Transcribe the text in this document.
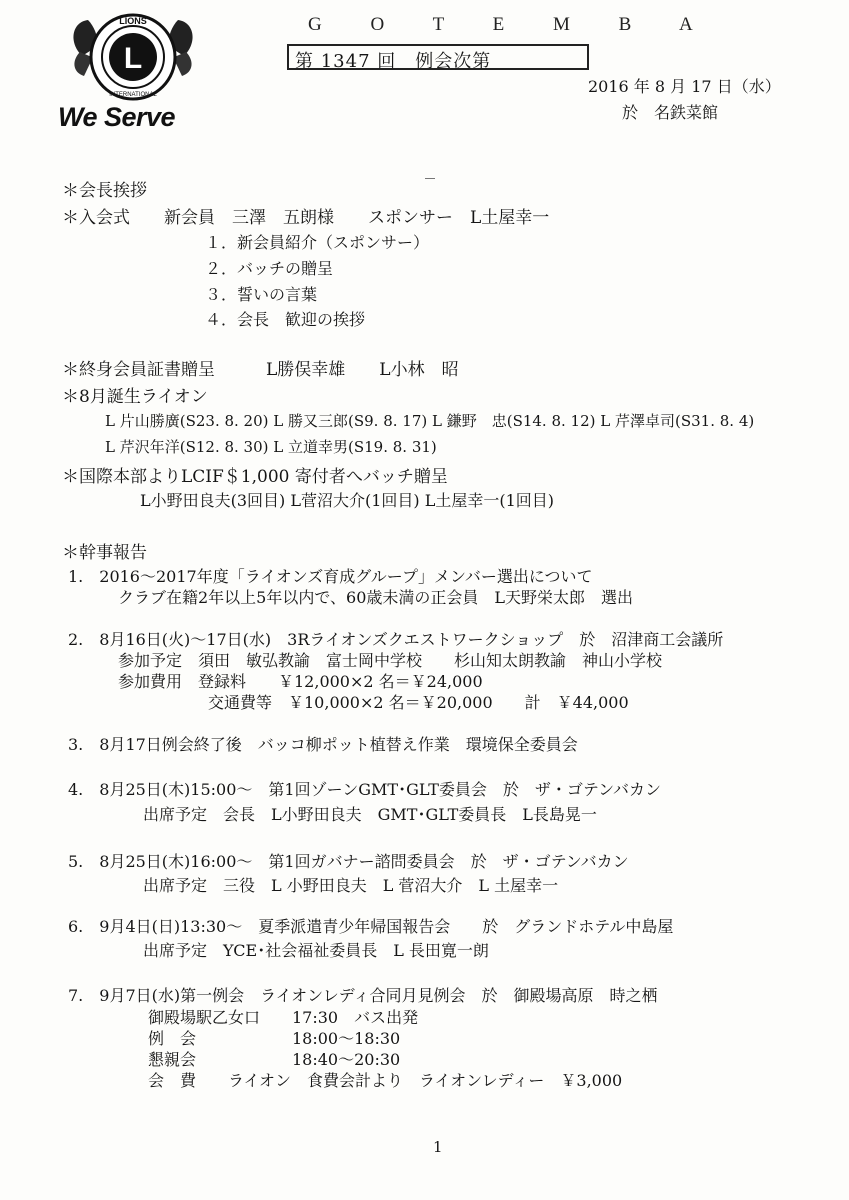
L
LIONS
INTERNATIONAL
We Serve
G O T E M B A
第 1347 回　例会次第
2016 年 8 月 17 日（水）
於　名鉄菜館
＊会長挨拶
＊入会式　　新会員　三澤　五朗様　　スポンサー　L土屋幸一
１．新会員紹介（スポンサー）
２．バッチの贈呈
３．誓いの言葉
４．会長　歓迎の挨拶
＊終身会員証書贈呈　　　L勝俣幸雄　　L小林　昭
＊8月誕生ライオン
L 片山勝廣(S23. 8. 20) L 勝又三郎(S9. 8. 17) L 鎌野　忠(S14. 8. 12) L 芹澤卓司(S31. 8. 4)
L 芹沢年洋(S12. 8. 30) L 立道幸男(S19. 8. 31)
＊国際本部よりLCIF＄1,000 寄付者へバッチ贈呈
L小野田良夫(3回目) L菅沼大介(1回目) L土屋幸一(1回目)
＊幹事報告
1.　2016～2017年度「ライオンズ育成グループ」メンバー選出について
クラブ在籍2年以上5年以内で、60歳未満の正会員　L天野栄太郎　選出
2.　8月16日(火)～17日(水)　3Rライオンズクエストワークショップ　於　沼津商工会議所
参加予定　須田　敏弘教諭　富士岡中学校　　杉山知太朗教諭　神山小学校
参加費用　登録料　　￥12,000×2 名＝￥24,000
交通費等　￥10,000×2 名＝￥20,000　　計　￥44,000
3.　8月17日例会終了後　バッコ柳ポット植替え作業　環境保全委員会
4.　8月25日(木)15:00～　第1回ゾーンGMT･GLT委員会　於　ザ・ゴテンバカン
出席予定　会長　L小野田良夫　GMT･GLT委員長　L長島晃一
5.　8月25日(木)16:00～　第1回ガバナー諮問委員会　於　ザ・ゴテンバカン
出席予定　三役　L 小野田良夫　L 菅沼大介　L 土屋幸一
6.　9月4日(日)13:30～　夏季派遣青少年帰国報告会　　於　グランドホテル中島屋
出席予定　YCE･社会福祉委員長　L 長田寛一朗
7.　9月7日(水)第一例会　ライオンレディ合同月見例会　於　御殿場高原　時之栖
御殿場駅乙女口　　17:30　バス出発
例　会　　　　　　18:00～18:30
懇親会　　　　　　18:40～20:30
会　費　　ライオン　食費会計より　ライオンレディー　￥3,000
1
